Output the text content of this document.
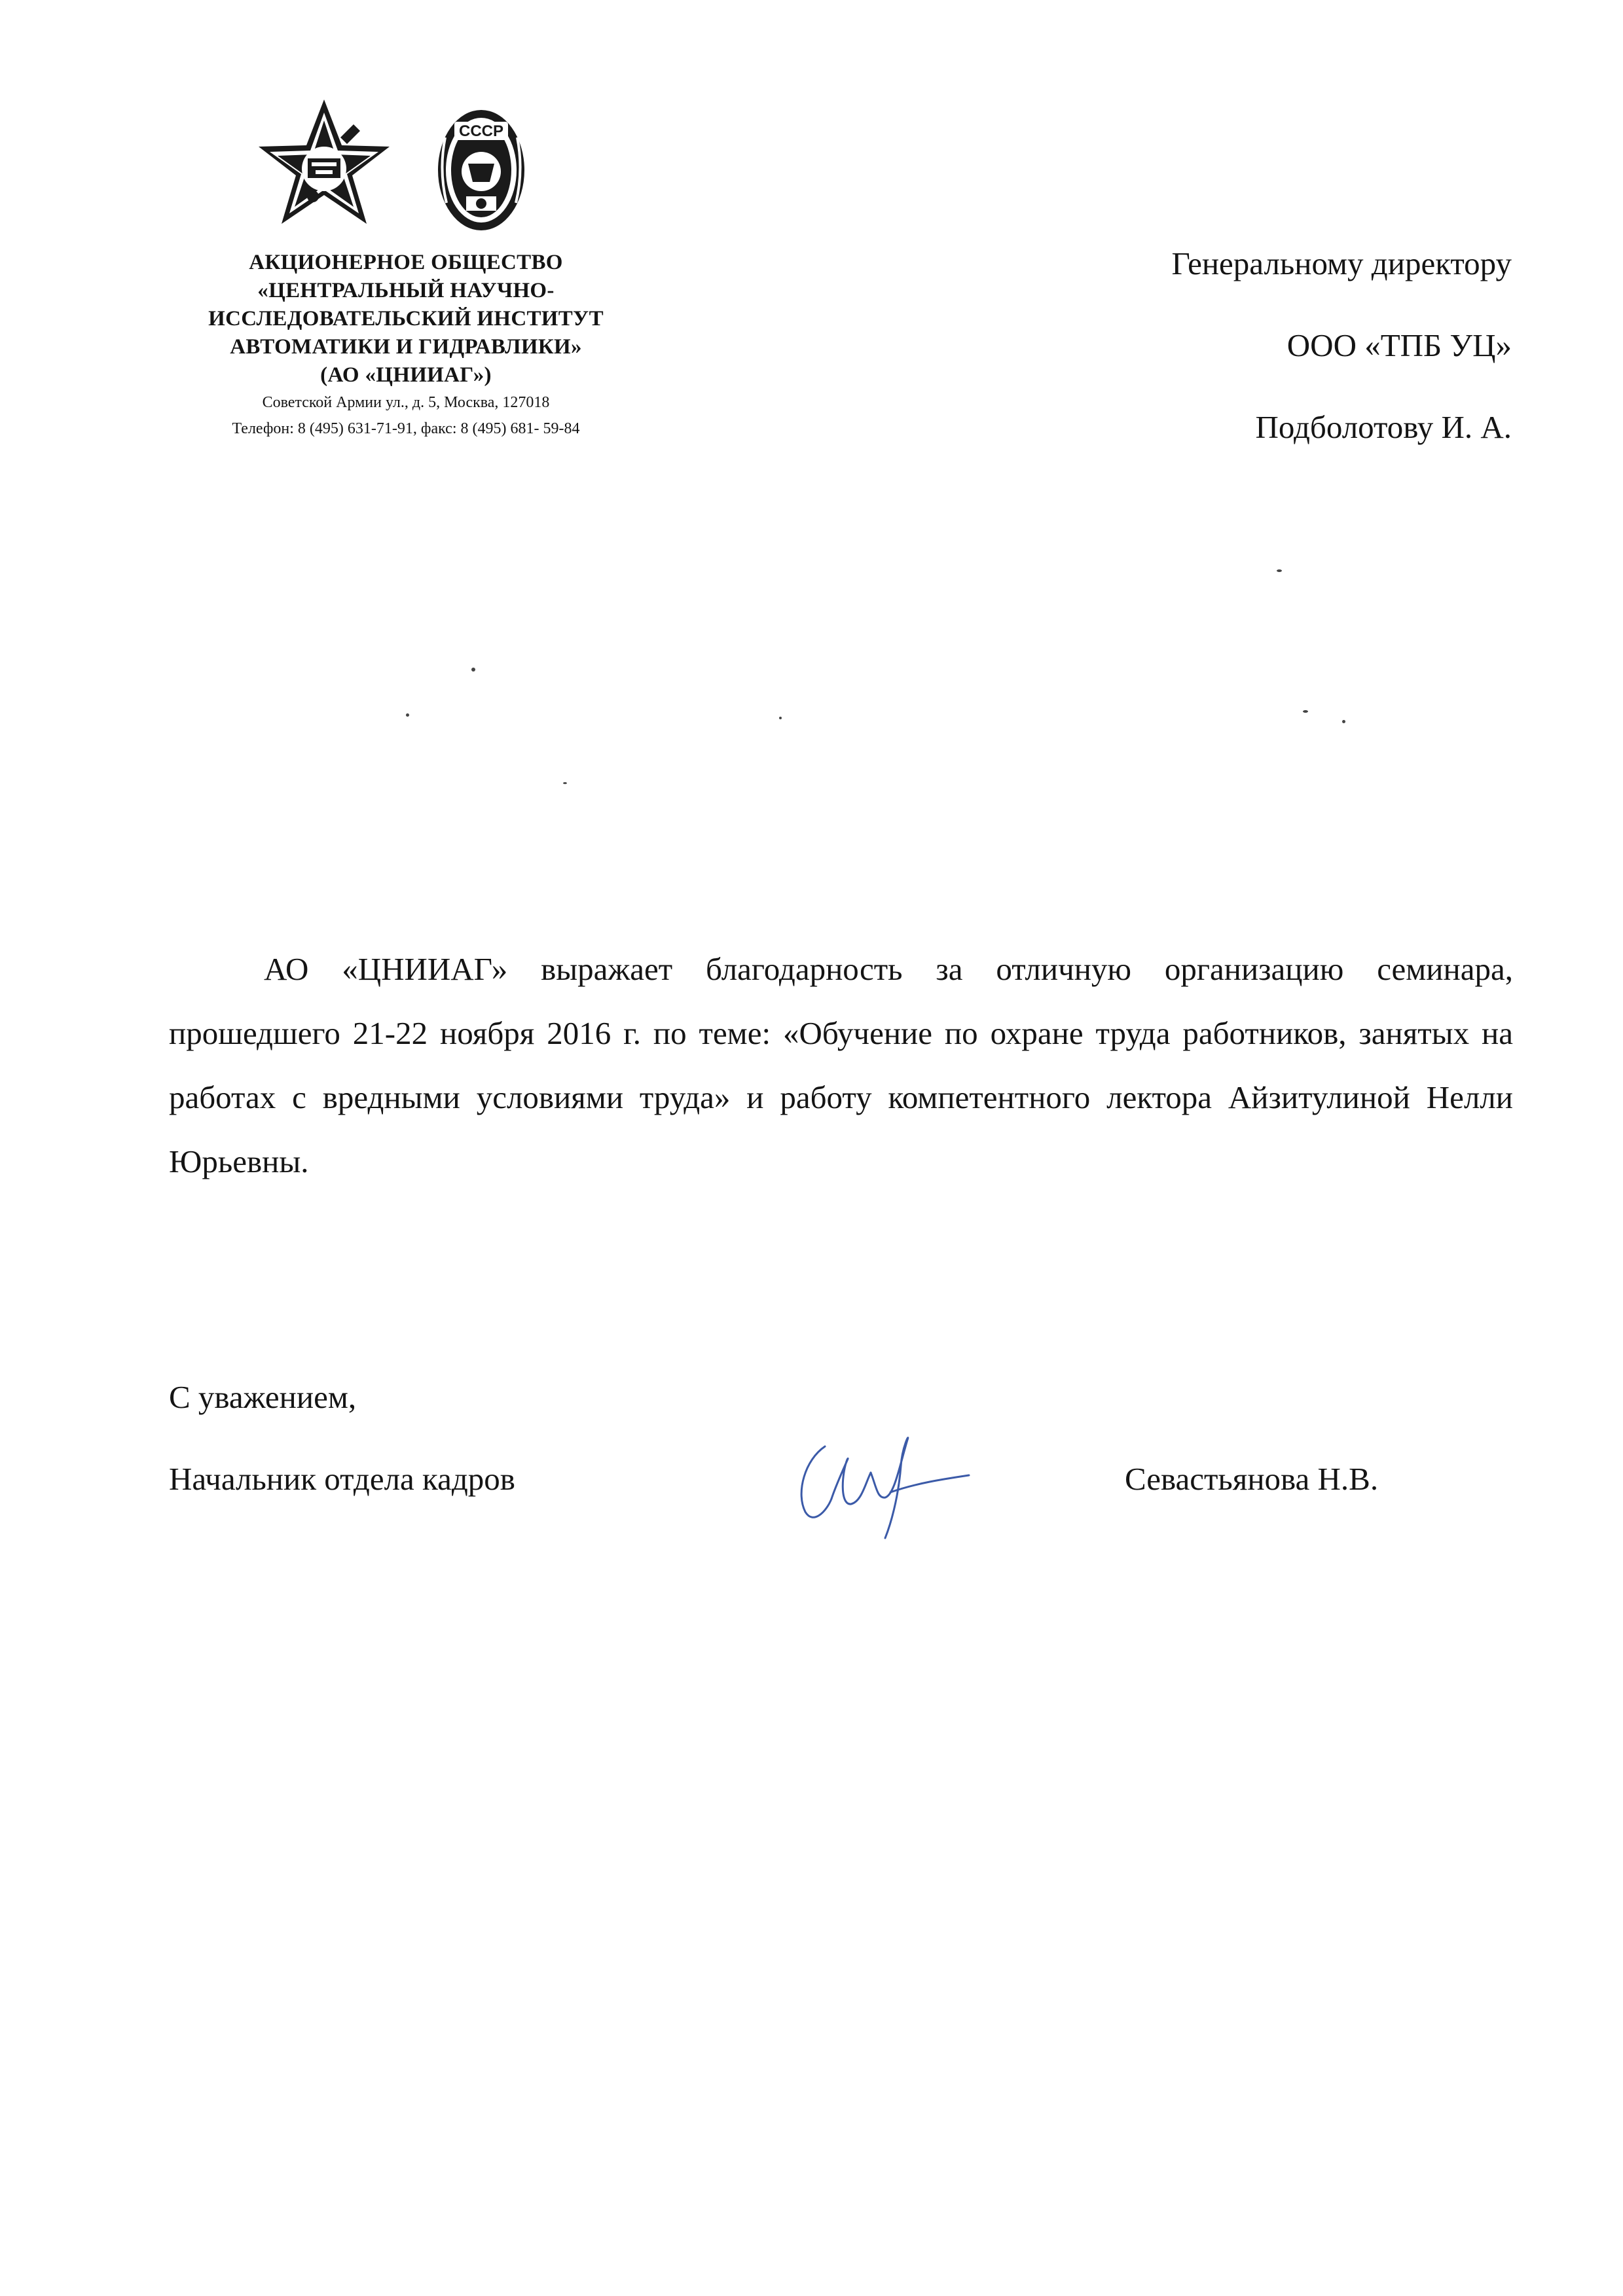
СССР
АКЦИОНЕРНОЕ ОБЩЕСТВО
«ЦЕНТРАЛЬНЫЙ НАУЧНО-
ИССЛЕДОВАТЕЛЬСКИЙ ИНСТИТУТ
АВТОМАТИКИ И ГИДРАВЛИКИ»
(АО «ЦНИИАГ»)
Советской Армии ул., д. 5, Москва, 127018
Телефон: 8 (495) 631-71-91, факс: 8 (495) 681- 59-84
Генеральному директору
ООО «ТПБ УЦ»
Подболотову И. А.

АО «ЦНИИАГ» выражает благодарность за отличную организацию семинара, прошедшего 21-22 ноября 2016 г. по теме: «Обучение по охране труда работников, занятых на работах с вредными условиями труда» и работу компетентного лектора Айзитулиной Нелли Юрьевны.

С уважением,
Начальник отдела кадров	Севастьянова Н.В.
